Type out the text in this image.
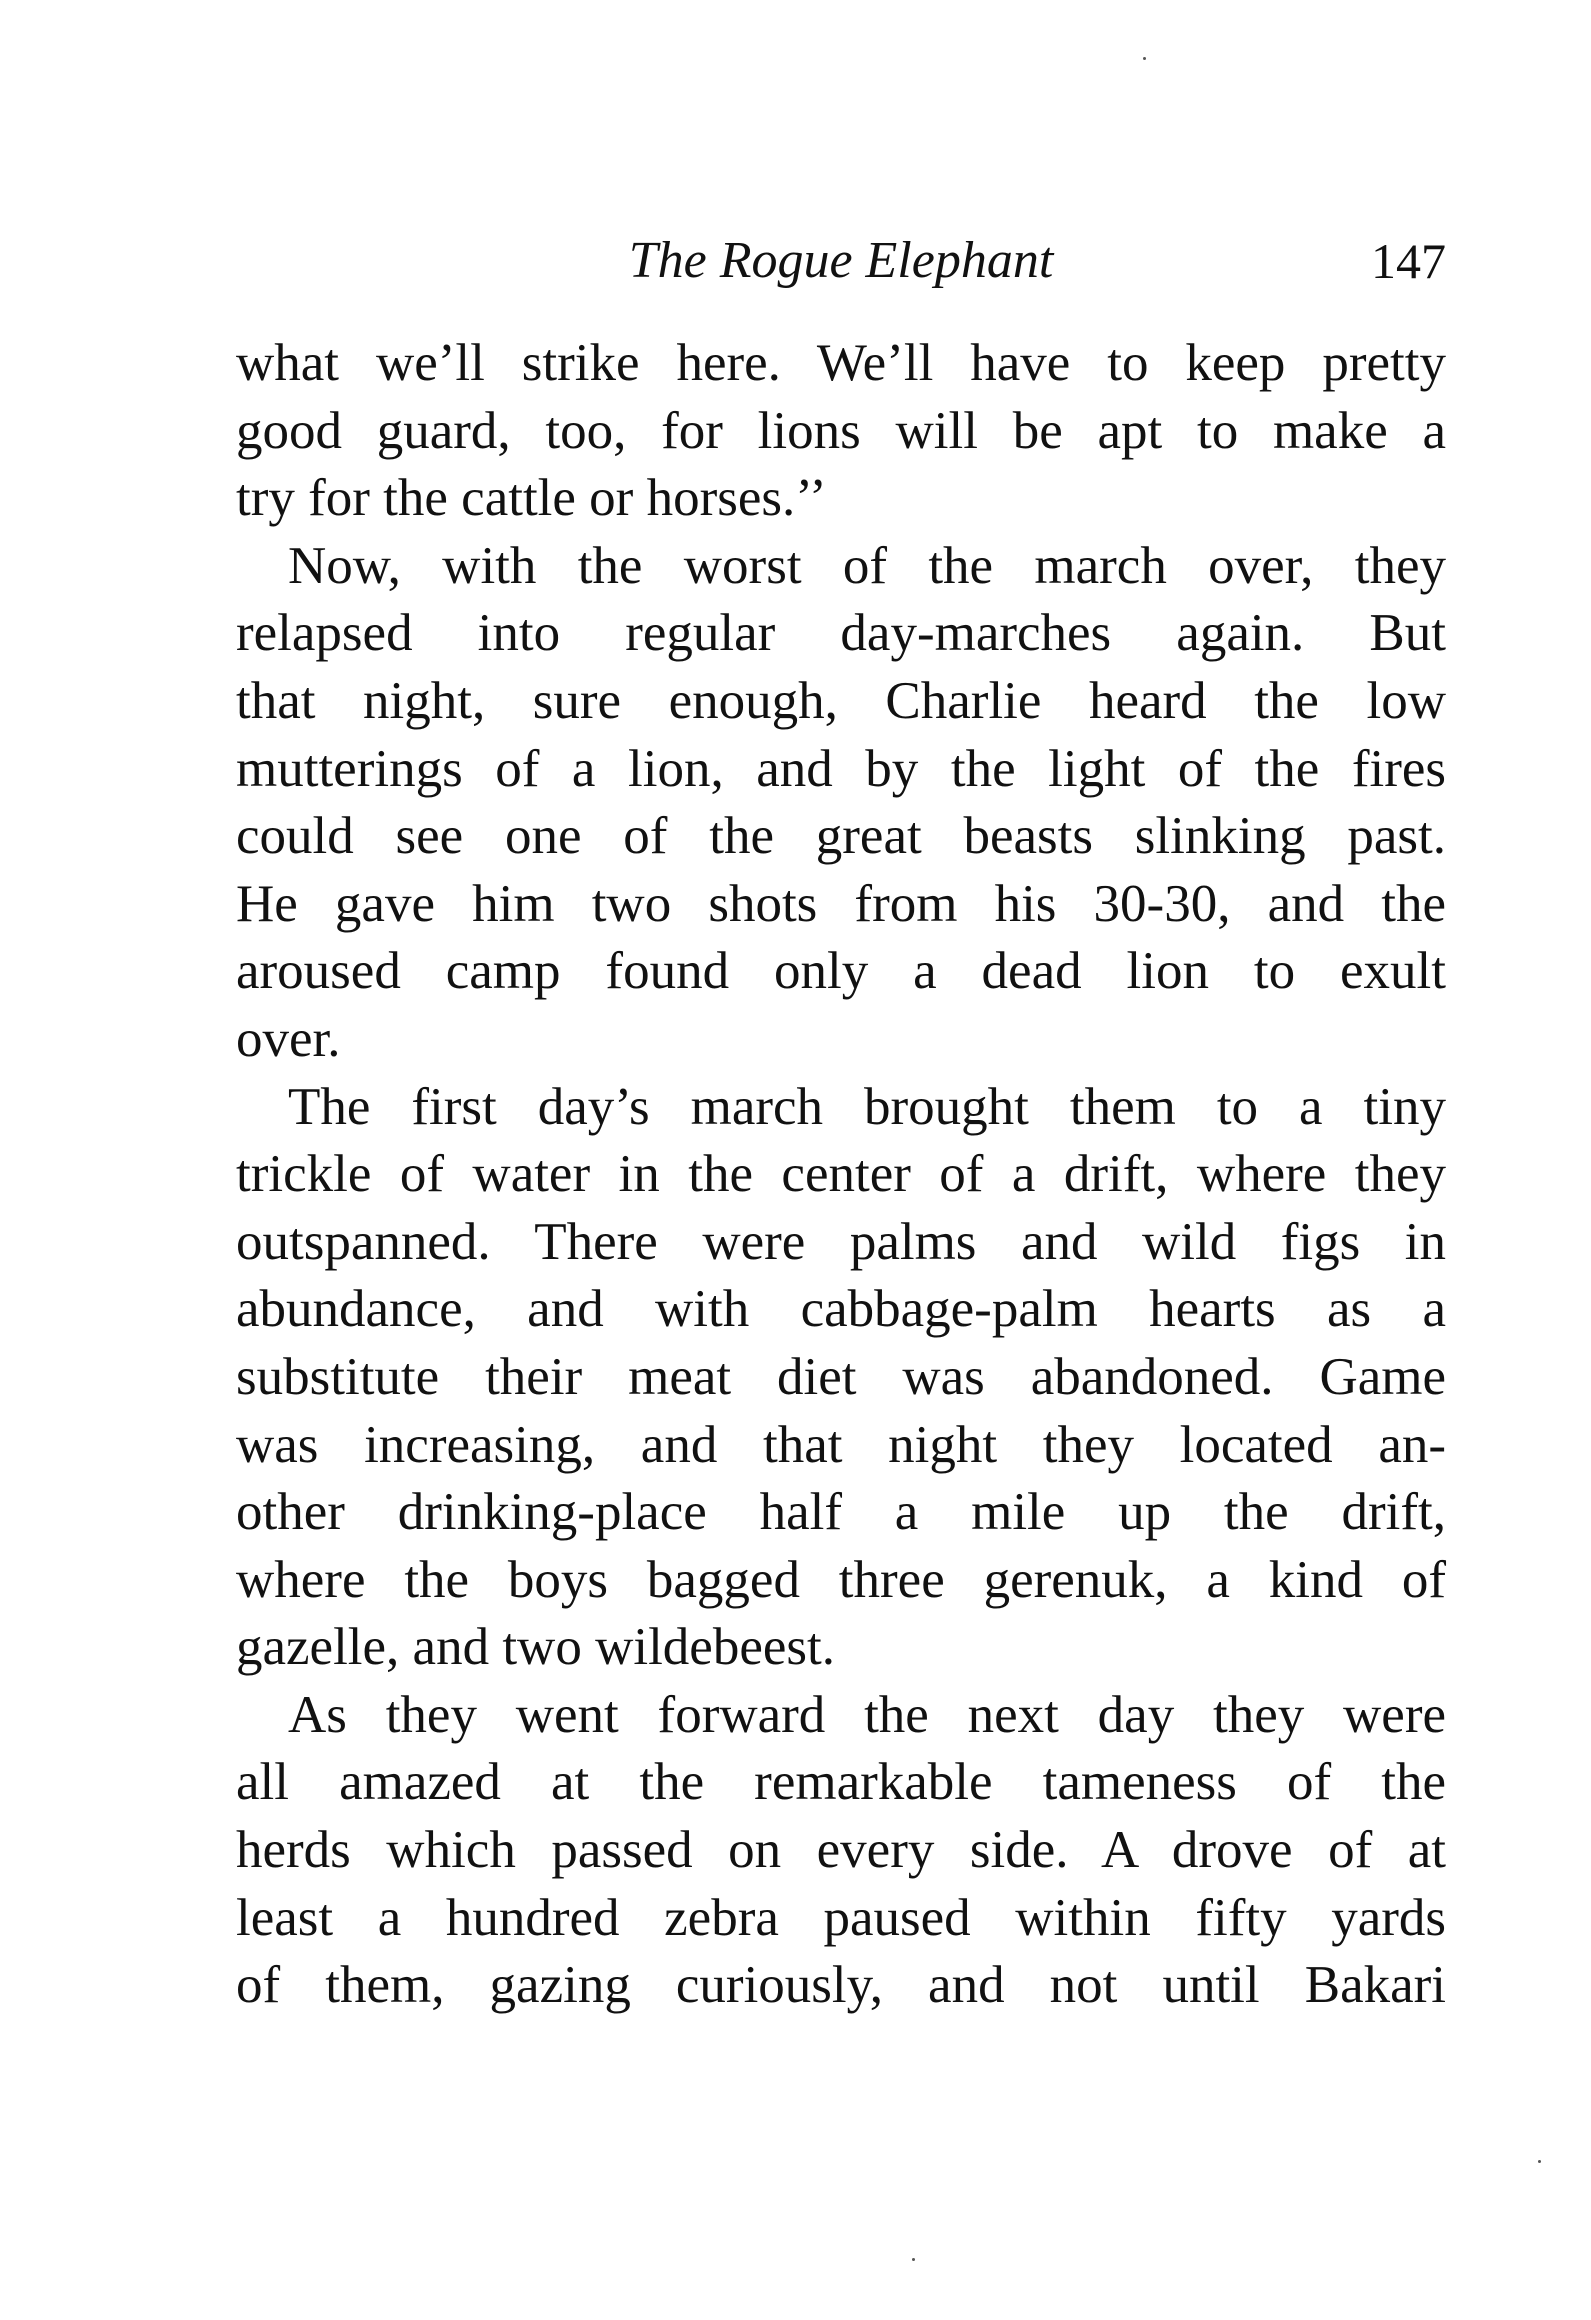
The Rogue Elephant	147

what we’ll strike here. We’ll have to keep pretty
good guard, too, for lions will be apt to make a
try for the cattle or horses.’’

Now, with the worst of the march over, they
relapsed into regular day-marches again. But
that night, sure enough, Charlie heard the low
mutterings of a lion, and by the light of the fires
could see one of the great beasts slinking past.
He gave him two shots from his 30-30, and the
aroused camp found only a dead lion to exult
over.

The first day’s march brought them to a tiny
trickle of water in the center of a drift, where they
outspanned. There were palms and wild figs in
abundance, and with cabbage-palm hearts as a
substitute their meat diet was abandoned. Game
was increasing, and that night they located an-
other drinking-place half a mile up the drift,
where the boys bagged three gerenuk, a kind of
gazelle, and two wildebeest.

As they went forward the next day they were
all amazed at the remarkable tameness of the
herds which passed on every side. A drove of at
least a hundred zebra paused within fifty yards
of them, gazing curiously, and not until Bakari
